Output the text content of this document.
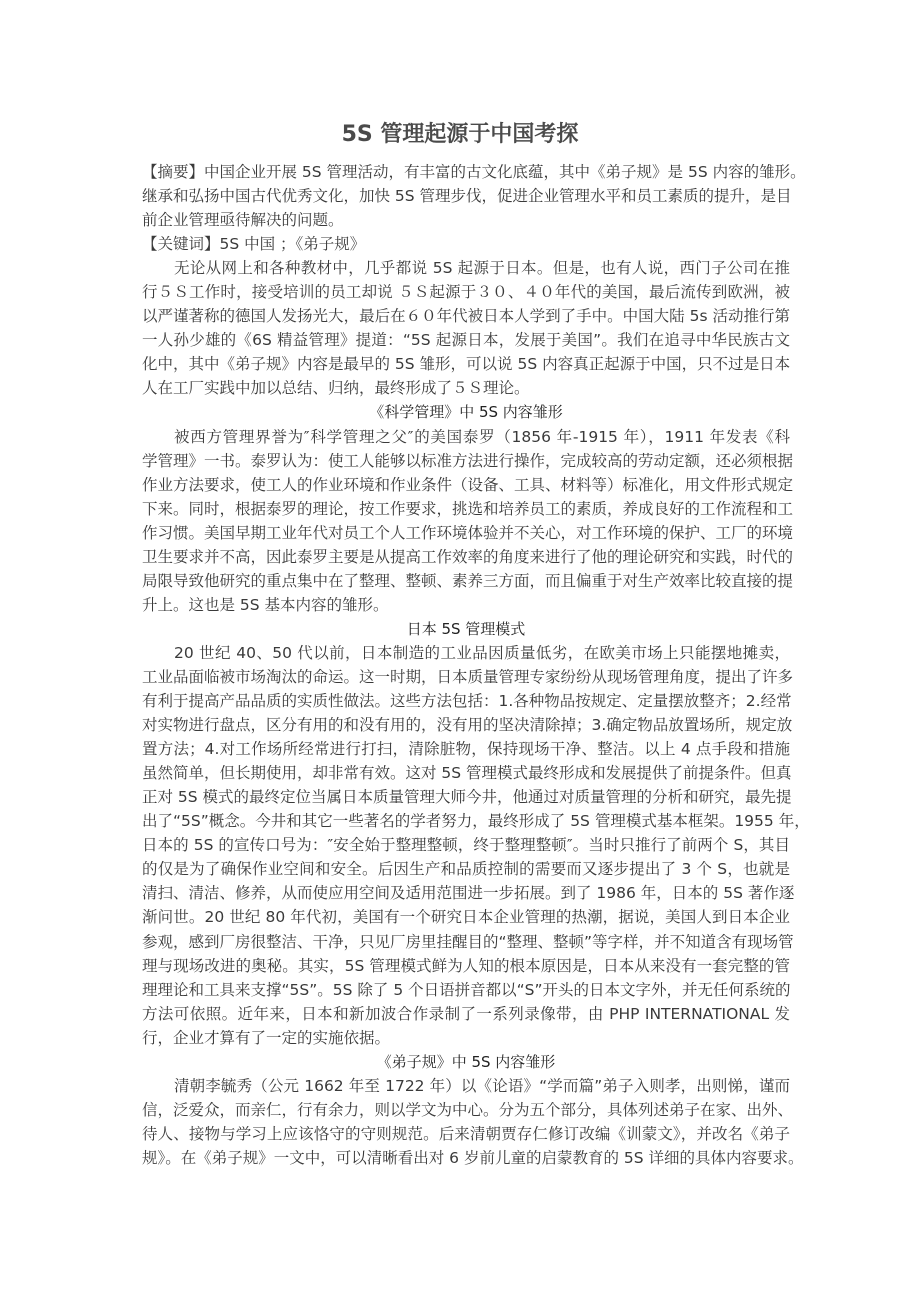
5S 管理起源于中国考探
【摘要】中国企业开展 5S 管理活动，有丰富的古文化底蕴，其中《弟子规》是 5S 内容的雏形。
继承和弘扬中国古代优秀文化，加快 5S 管理步伐，促进企业管理水平和员工素质的提升，是目
前企业管理亟待解决的问题。
【关键词】5S 中国 ；《弟子规》
无论从网上和各种教材中，几乎都说 5S 起源于日本。但是，也有人说，西门子公司在推
行５Ｓ工作时，接受培训的员工却说 ５Ｓ起源于３０、４０年代的美国，最后流传到欧洲，被
以严谨著称的德国人发扬光大，最后在６０年代被日本人学到了手中。中国大陆 5s 活动推行第
一人孙少雄的《6S 精益管理》提道：“5S 起源日本，发展于美国”。我们在追寻中华民族古文
化中，其中《弟子规》内容是最早的 5S 雏形，可以说 5S 内容真正起源于中国，只不过是日本
人在工厂实践中加以总结、归纳，最终形成了５Ｓ理论。
《科学管理》中 5S 内容雏形
被西方管理界誉为″科学管理之父″的美国泰罗（1856 年-1915 年），1911 年发表《科
学管理》一书。泰罗认为：使工人能够以标准方法进行操作，完成较高的劳动定额，还必须根据
作业方法要求，使工人的作业环境和作业条件（设备、工具、材料等）标准化，用文件形式规定
下来。同时，根据泰罗的理论，按工作要求，挑选和培养员工的素质，养成良好的工作流程和工
作习惯。美国早期工业年代对员工个人工作环境体验并不关心，对工作环境的保护、工厂的环境
卫生要求并不高，因此泰罗主要是从提高工作效率的角度来进行了他的理论研究和实践，时代的
局限导致他研究的重点集中在了整理、整顿、素养三方面，而且偏重于对生产效率比较直接的提
升上。这也是 5S 基本内容的雏形。
日本 5S 管理模式
20 世纪 40、50 代以前，日本制造的工业品因质量低劣，在欧美市场上只能摆地摊卖，
工业品面临被市场淘汰的命运。这一时期，日本质量管理专家纷纷从现场管理角度，提出了许多
有利于提高产品品质的实质性做法。这些方法包括：1.各种物品按规定、定量摆放整齐；2.经常
对实物进行盘点，区分有用的和没有用的，没有用的坚决清除掉；3.确定物品放置场所，规定放
置方法；4.对工作场所经常进行打扫，清除脏物，保持现场干净、整洁。以上 4 点手段和措施
虽然简单，但长期使用，却非常有效。这对 5S 管理模式最终形成和发展提供了前提条件。但真
正对 5S 模式的最终定位当属日本质量管理大师今井，他通过对质量管理的分析和研究，最先提
出了“5S”概念。今井和其它一些著名的学者努力，最终形成了 5S 管理模式基本框架。1955 年，
日本的 5S 的宣传口号为：″安全始于整理整顿，终于整理整顿″。当时只推行了前两个 S，其目
的仅是为了确保作业空间和安全。后因生产和品质控制的需要而又逐步提出了 3 个 S，也就是
清扫、清洁、修养，从而使应用空间及适用范围进一步拓展。到了 1986 年，日本的 5S 著作逐
渐问世。20 世纪 80 年代初，美国有一个研究日本企业管理的热潮，据说，美国人到日本企业
参观，感到厂房很整洁、干净，只见厂房里挂醒目的“整理、整顿”等字样，并不知道含有现场管
理与现场改进的奥秘。其实，5S 管理模式鲜为人知的根本原因是，日本从来没有一套完整的管
理理论和工具来支撑“5S”。5S 除了 5 个日语拼音都以“S”开头的日本文字外，并无任何系统的
方法可依照。近年来，日本和新加波合作录制了一系列录像带，由 PHP INTERNATIONAL 发
行，企业才算有了一定的实施依据。
《弟子规》中 5S 内容雏形
清朝李毓秀（公元 1662 年至 1722 年）以《论语》“学而篇”弟子入则孝，出则悌，谨而
信，泛爱众，而亲仁，行有余力，则以学文为中心。分为五个部分，具体列述弟子在家、出外、
待人、接物与学习上应该恪守的守则规范。后来清朝贾存仁修订改编《训蒙文》，并改名《弟子
规》。在《弟子规》一文中，可以清晰看出对 6 岁前儿童的启蒙教育的 5S 详细的具体内容要求。
